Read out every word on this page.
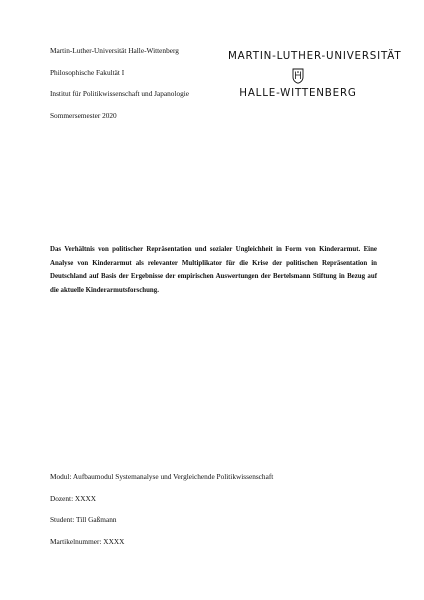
Martin-Luther-Universität Halle-Wittenberg
Philosophische Fakultät I
Institut für Politikwissenschaft und Japanologie
Sommersemester 2020
MARTIN-LUTHER-UNIVERSITÄT
HALLE-WITTENBERG
Das Verhältnis von politischer Repräsentation und sozialer Ungleichheit in Form von Kinderarmut. Eine Analyse von Kinderarmut als relevanter Multiplikator für die Krise der politischen Repräsentation in Deutschland auf Basis der Ergebnisse der empirischen Auswertungen der Bertelsmann Stiftung in Bezug auf die aktuelle Kinderarmutsforschung.
Modul: Aufbaumodul Systemanalyse und Vergleichende Politikwissenschaft
Dozent: XXXX
Student: Till Gaßmann
Martikelnummer: XXXX
